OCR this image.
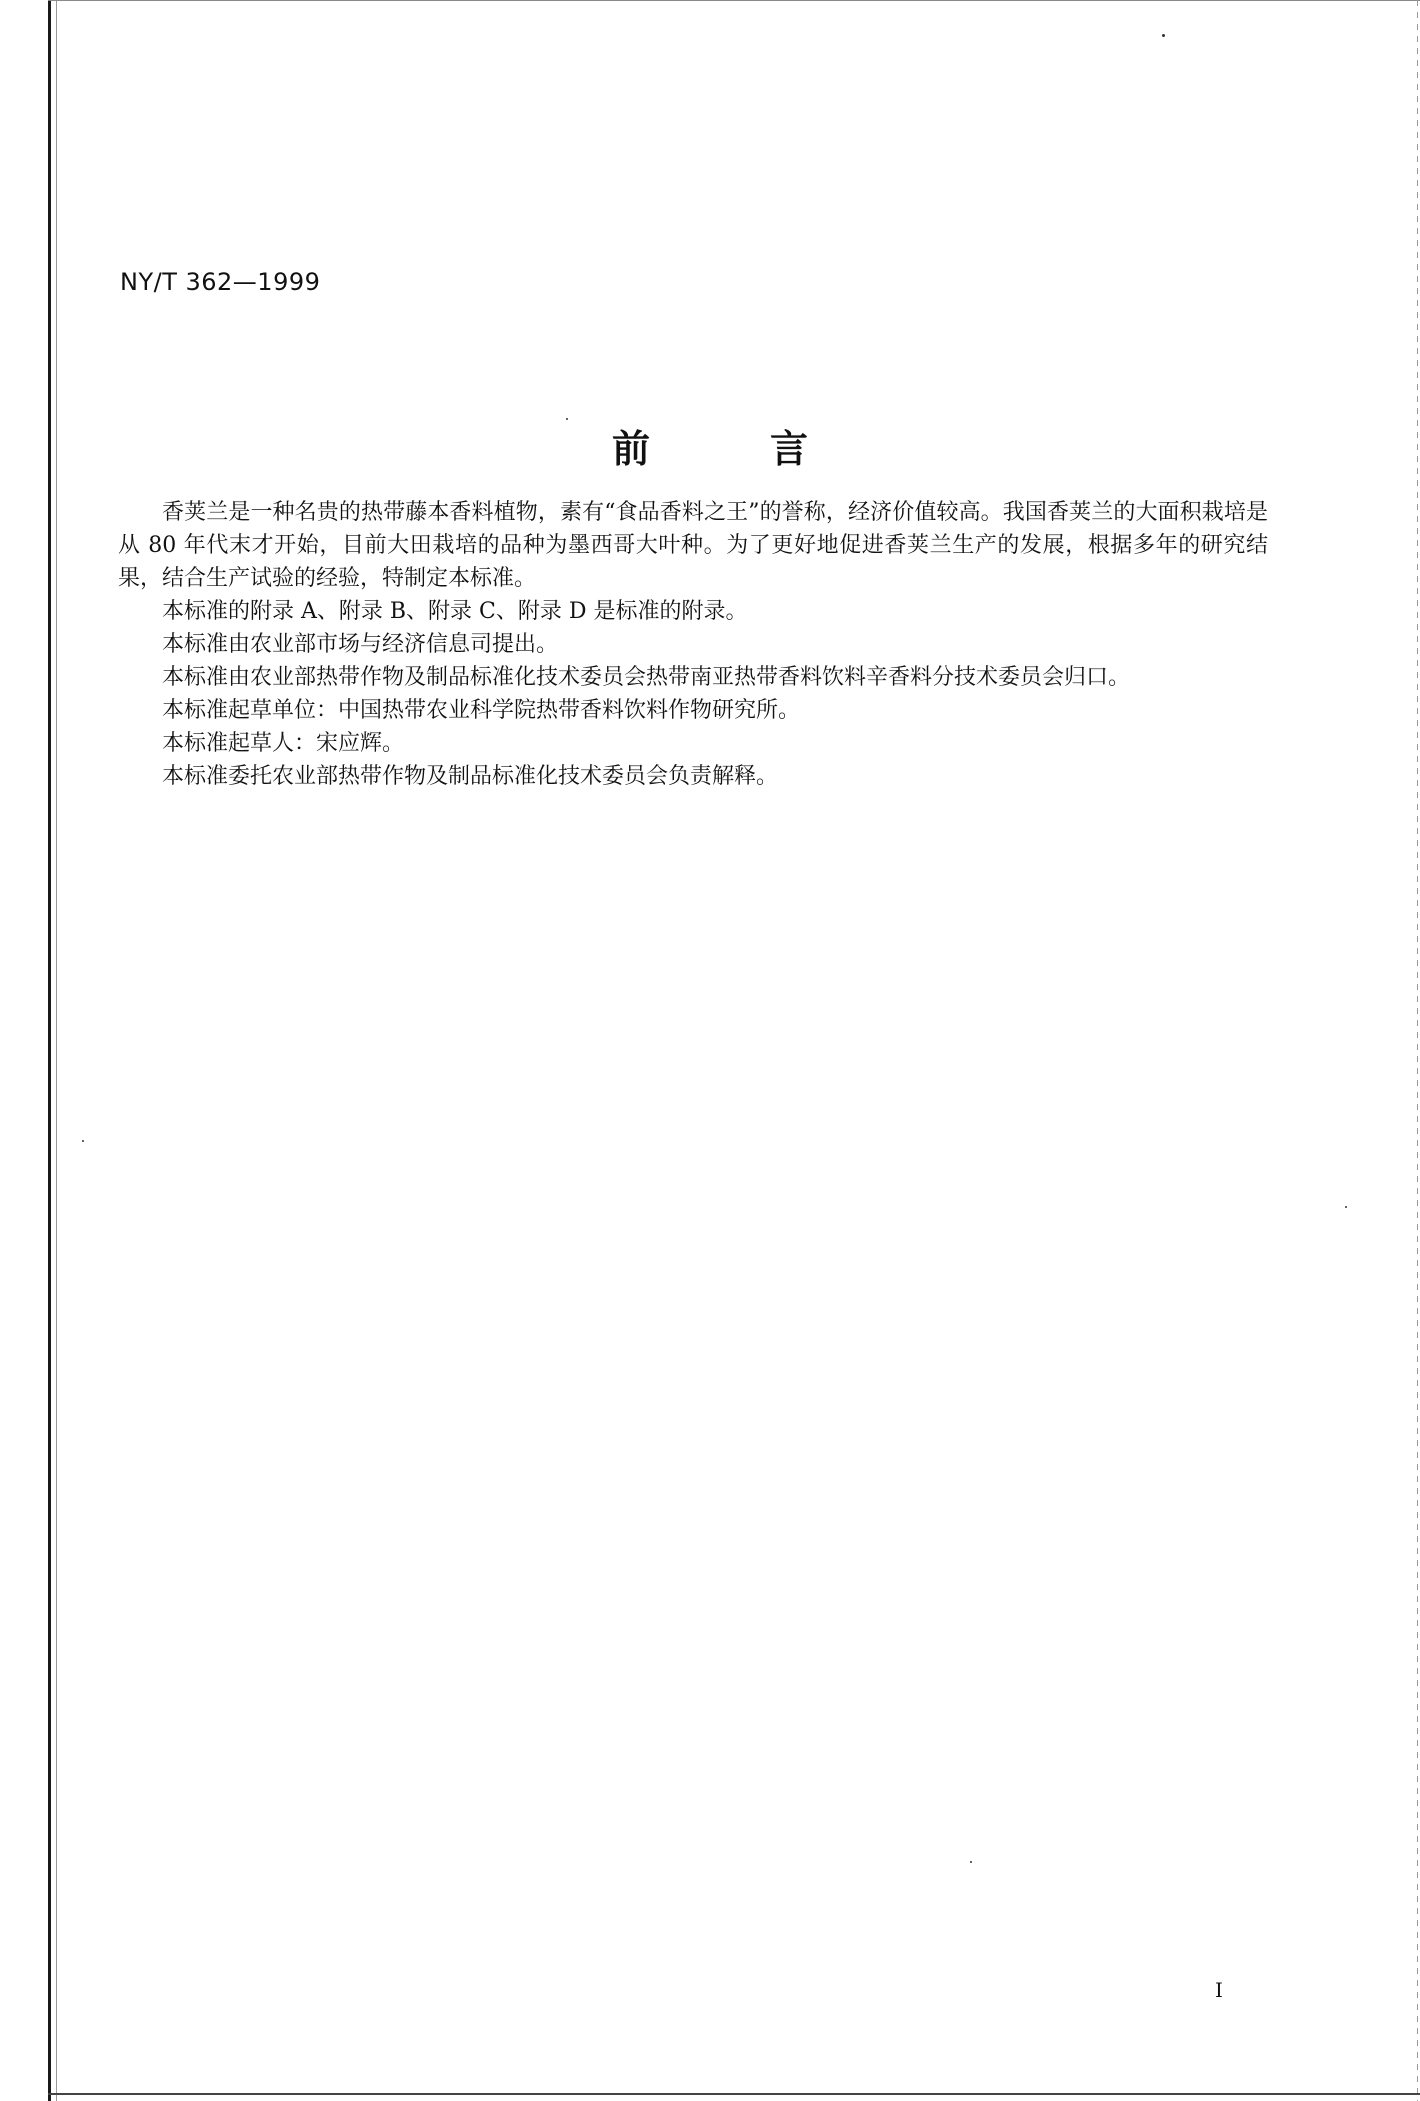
NY/T 362—1999
前	言

香荚兰是一种名贵的热带藤本香料植物，素有“食品香料之王”的誉称，经济价值较高。我国香荚兰的大面积栽培是从 80 年代末才开始，目前大田栽培的品种为墨西哥大叶种。为了更好地促进香荚兰生产的发展，根据多年的研究结果，结合生产试验的经验，特制定本标准。

本标准的附录 A、附录 B、附录 C、附录 D 是标准的附录。

本标准由农业部市场与经济信息司提出。

本标准由农业部热带作物及制品标准化技术委员会热带南亚热带香料饮料辛香料分技术委员会归口。

本标准起草单位：中国热带农业科学院热带香料饮料作物研究所。

本标准起草人：宋应辉。

本标准委托农业部热带作物及制品标准化技术委员会负责解释。

I
